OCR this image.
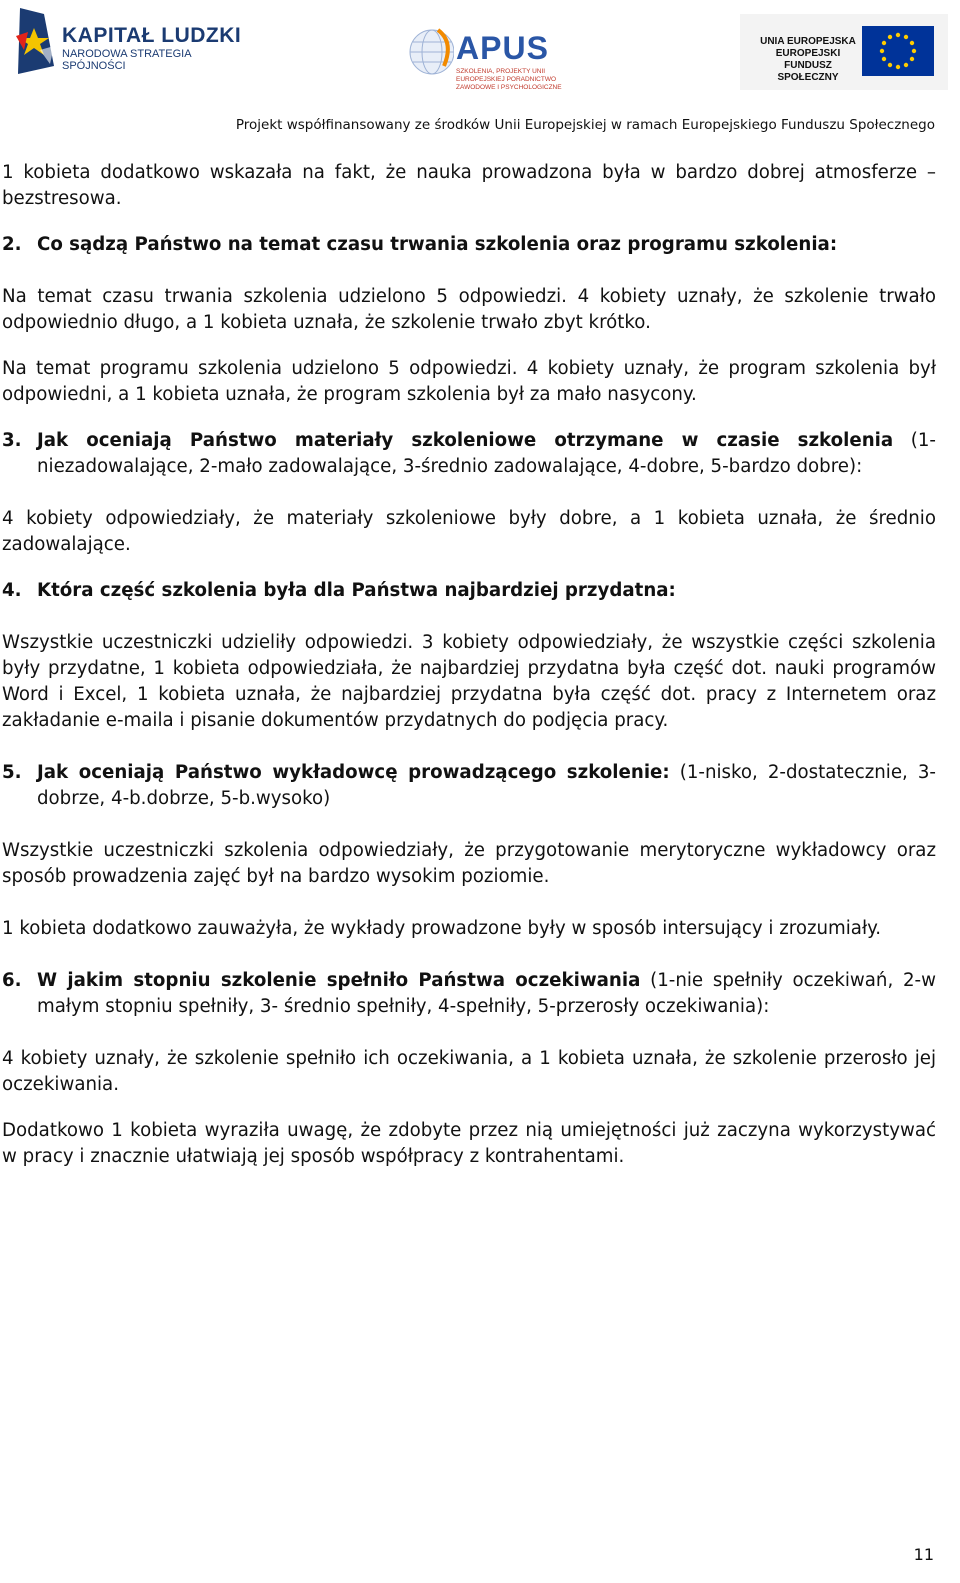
KAPITAŁ LUDZKI
NARODOWA STRATEGIA SPÓJNOŚCI	APUS
SZKOLENIA, PROJEKTY UNII EUROPEJSKIEJ PORADNICTWO ZAWODOWE I PSYCHOLOGICZNE
UNIA EUROPEJSKA EUROPEJSKI FUNDUSZ SPOŁECZNY
Projekt współfinansowany ze środków Unii Europejskiej w ramach Europejskiego Funduszu Społecznego

1 kobieta dodatkowo wskazała na fakt, że nauka prowadzona była w bardzo dobrej atmosferze – bezstresowa.

2. Co sądzą Państwo na temat czasu trwania szkolenia oraz programu szkolenia:

Na temat czasu trwania szkolenia udzielono 5 odpowiedzi. 4 kobiety uznały, że szkolenie trwało odpowiednio długo, a 1 kobieta uznała, że szkolenie trwało zbyt krótko.

Na temat programu szkolenia udzielono 5 odpowiedzi. 4 kobiety uznały, że program szkolenia był odpowiedni, a 1 kobieta uznała, że program szkolenia był za mało nasycony.

3. Jak oceniają Państwo materiały szkoleniowe otrzymane w czasie szkolenia (1-niezadowalające, 2-mało zadowalające, 3-średnio zadowalające, 4-dobre, 5-bardzo dobre):

4 kobiety odpowiedziały, że materiały szkoleniowe były dobre, a 1 kobieta uznała, że średnio zadowalające.

4. Która część szkolenia była dla Państwa najbardziej przydatna:

Wszystkie uczestniczki udzieliły odpowiedzi. 3 kobiety odpowiedziały, że wszystkie części szkolenia były przydatne, 1 kobieta odpowiedziała, że najbardziej przydatna była część dot. nauki programów Word i Excel, 1 kobieta uznała, że najbardziej przydatna była część dot. pracy z Internetem oraz zakładanie e-maila i pisanie dokumentów przydatnych do podjęcia pracy.

5. Jak oceniają Państwo wykładowcę prowadzącego szkolenie: (1-nisko, 2-dostatecznie, 3-dobrze, 4-b.dobrze, 5-b.wysoko)

Wszystkie uczestniczki szkolenia odpowiedziały, że przygotowanie merytoryczne wykładowcy oraz sposób prowadzenia zajęć był na bardzo wysokim poziomie.

1 kobieta dodatkowo zauważyła, że wykłady prowadzone były w sposób intersujący i zrozumiały.

6. W jakim stopniu szkolenie spełniło Państwa oczekiwania (1-nie spełniły oczekiwań, 2-w małym stopniu spełniły, 3- średnio spełniły, 4-spełniły, 5-przerosły oczekiwania):

4 kobiety uznały, że szkolenie spełniło ich oczekiwania, a 1 kobieta uznała, że szkolenie przerosło jej oczekiwania.

Dodatkowo 1 kobieta wyraziła uwagę, że zdobyte przez nią umiejętności już zaczyna wykorzystywać w pracy i znacznie ułatwiają jej sposób współpracy z kontrahentami.

11
